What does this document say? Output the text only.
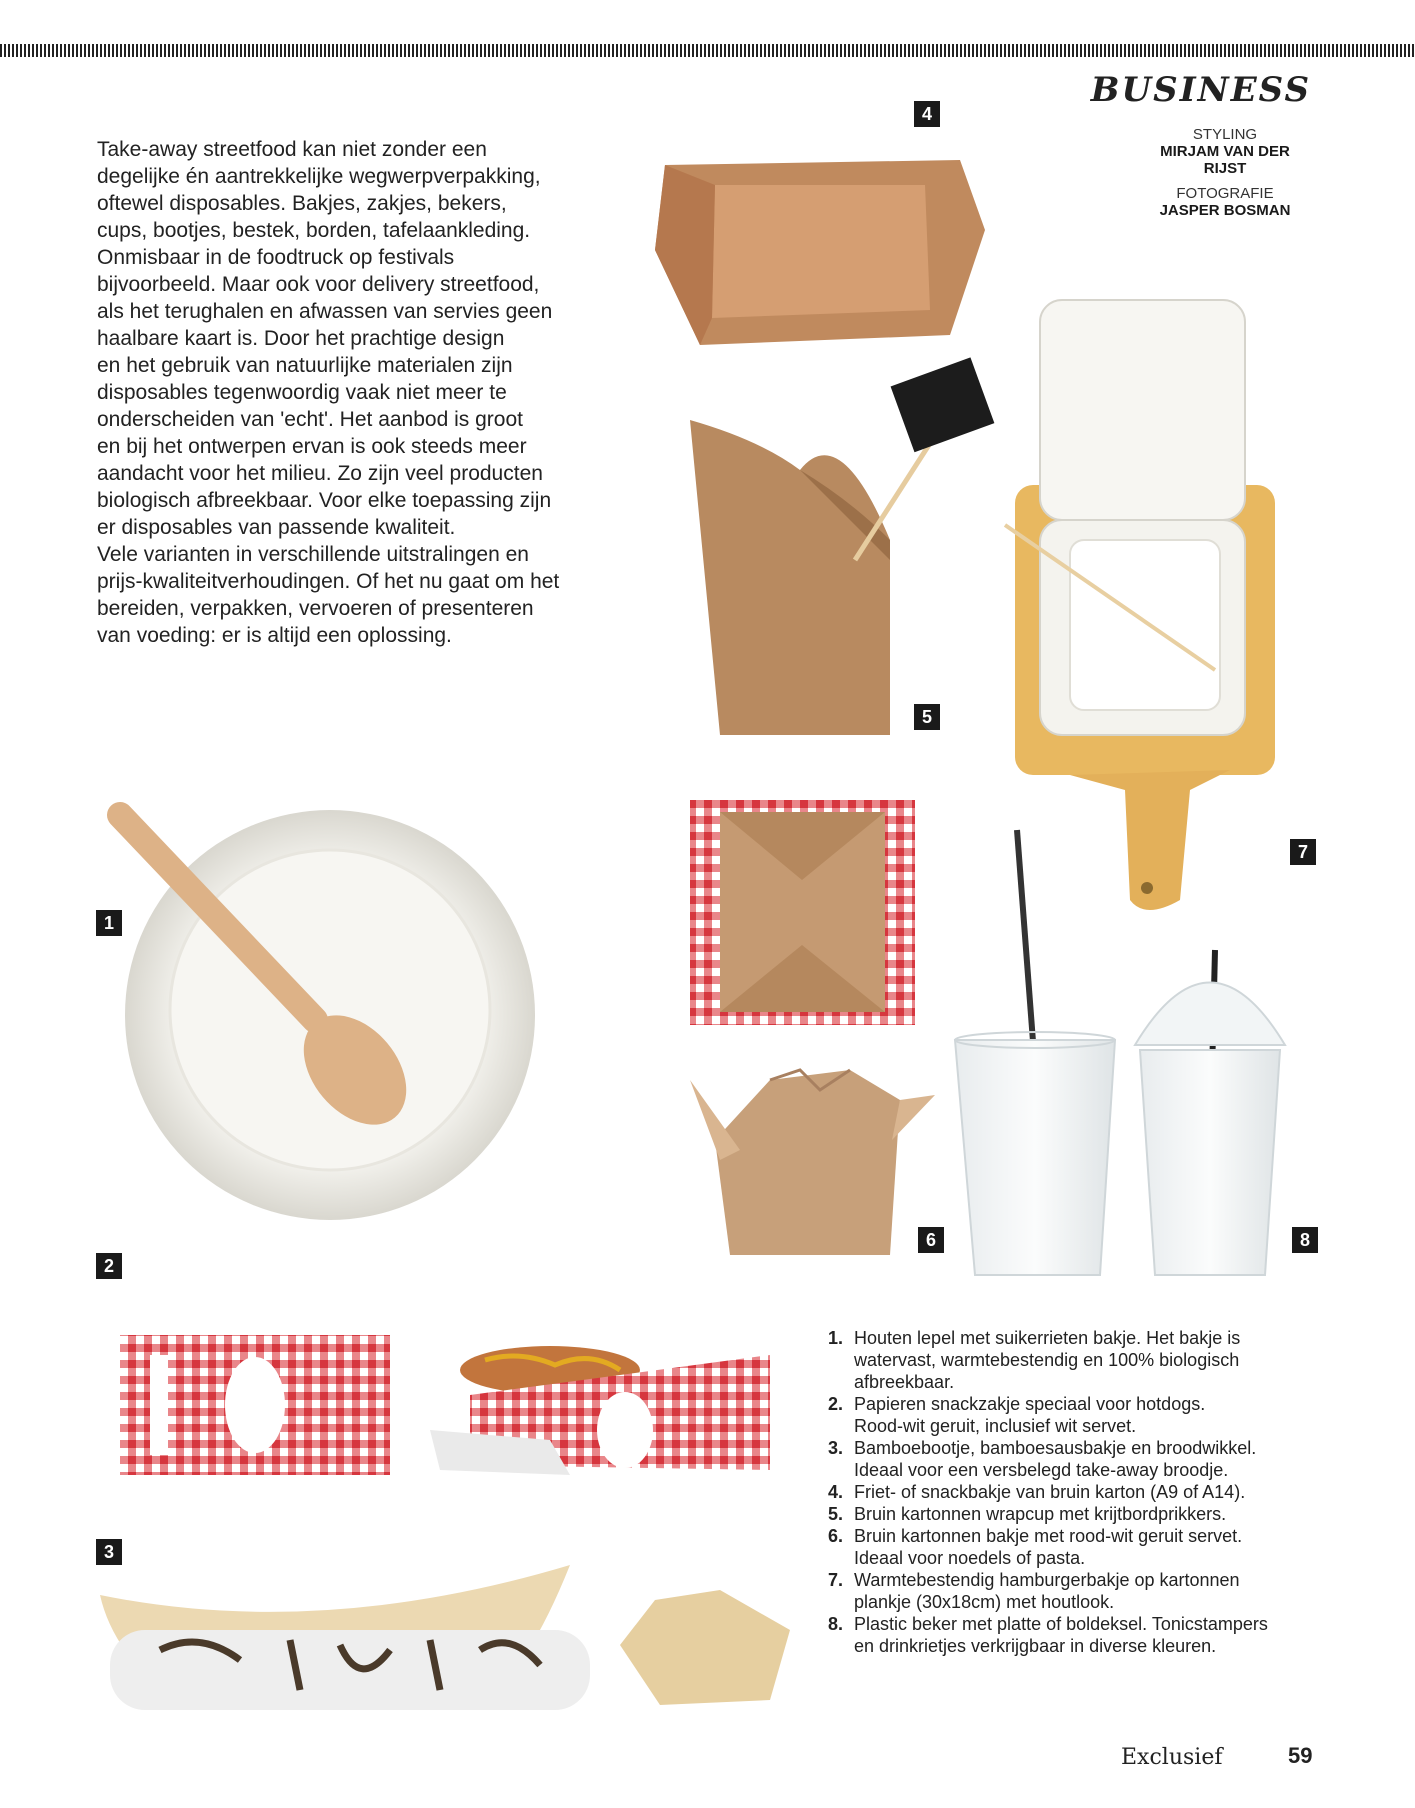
BUSINESS
STYLING
MIRJAM VAN DER
RIJST
FOTOGRAFIE
JASPER BOSMAN

Take-away streetfood kan niet zonder een

degelijke én aantrekkelijke wegwerpverpakking,

oftewel disposables. Bakjes, zakjes, bekers,

cups, bootjes, bestek, borden, tafelaankleding.

Onmisbaar in de foodtruck op festivals

bijvoorbeeld. Maar ook voor delivery streetfood,

als het terughalen en afwassen van servies geen

haalbare kaart is. Door het prachtige design

en het gebruik van natuurlijke materialen zijn

disposables tegenwoordig vaak niet meer te

onderscheiden van 'echt'. Het aanbod is groot

en bij het ontwerpen ervan is ook steeds meer

aandacht voor het milieu. Zo zijn veel producten

biologisch afbreekbaar. Voor elke toepassing zijn

er disposables van passende kwaliteit.

Vele varianten in verschillende uitstralingen en

prijs-kwaliteitverhoudingen. Of het nu gaat om het

bereiden, verpakken, vervoeren of presenteren

van voeding: er is altijd een oplossing.

4
5
7
1
6	8
2
3
1. Houten lepel met suikerrieten bakje. Het bakje is
watervast, warmtebestendig en 100% biologisch
afbreekbaar.
2. Papieren snackzakje speciaal voor hotdogs.
Rood-wit geruit, inclusief wit servet.
3. Bamboebootje, bamboesausbakje en broodwikkel.
Ideaal voor een versbelegd take-away broodje.
4. Friet- of snackbakje van bruin karton (A9 of A14).
5. Bruin kartonnen wrapcup met krijtbordprikkers.
6. Bruin kartonnen bakje met rood-wit geruit servet.
Ideaal voor noedels of pasta.
7. Warmtebestendig hamburgerbakje op kartonnen
plankje (30x18cm) met houtlook.
8. Plastic beker met platte of boldeksel. Tonicstampers
en drinkrietjes verkrijgbaar in diverse kleuren.
Exclusief	59
